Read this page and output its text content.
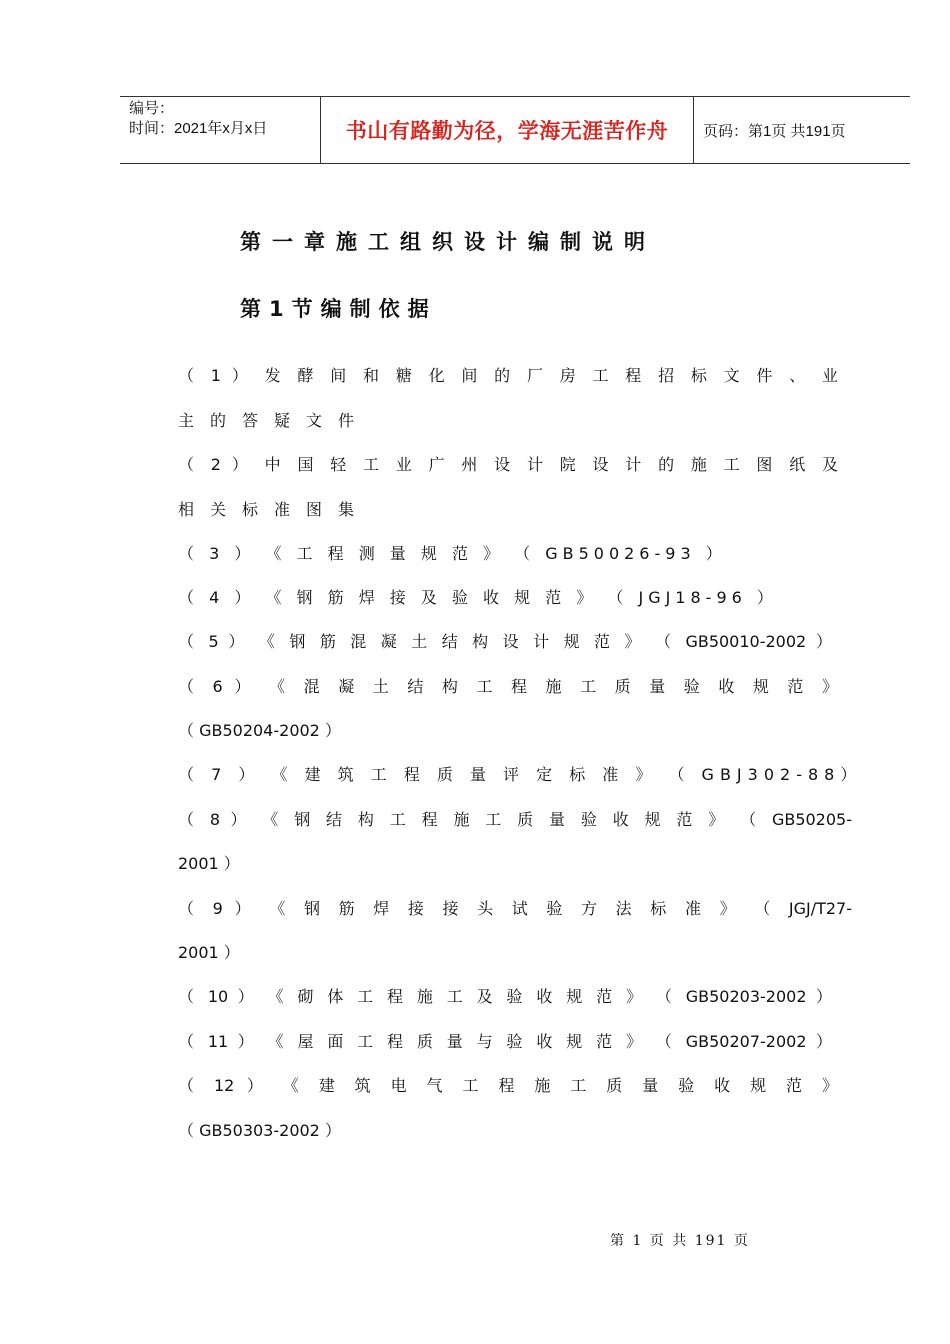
编号：
时间：2021年x月x日	书山有路勤为径，学海无涯苦作舟 页码：第1页 共191页
第一章施工组织设计编制说明
第1节编制依据
（ 1 ） 发 酵 间 和 糖 化 间 的 厂 房 工 程 招 标 文 件 、 业
主的答疑文件
（ 2 ） 中 国 轻 工 业 广 州 设 计 院 设 计 的 施 工 图 纸 及
相关标准图集
（ 3 ） 《 工 程 测 量 规 范 》 （ GB50026-93 ）
（ 4 ） 《 钢 筋 焊 接 及 验 收 规 范 》 （ JGJ18-96 ）
（ 5 ） 《 钢 筋 混 凝 土 结 构 设 计 规 范 》 （ GB50010-2002 ）
（ 6 ） 《 混 凝 土 结 构 工 程 施 工 质 量 验 收 规 范 》
（ GB50204-2002 ）
（ 7 ） 《 建 筑 工 程 质 量 评 定 标 准 》 （ GBJ302-88）
（ 8 ） 《 钢 结 构 工 程 施 工 质 量 验 收 规 范 》 （ GB50205-
2001 ）
（ 9 ） 《 钢 筋 焊 接 接 头 试 验 方 法 标 准 》 （ JGJ/T27-
2001 ）
（ 10 ） 《 砌 体 工 程 施 工 及 验 收 规 范 》 （ GB50203-2002 ）
（ 11 ） 《 屋 面 工 程 质 量 与 验 收 规 范 》 （ GB50207-2002 ）
（ 12 ） 《 建 筑 电 气 工 程 施 工 质 量 验 收 规 范 》
（ GB50303-2002 ）
第 1 页 共 191 页
